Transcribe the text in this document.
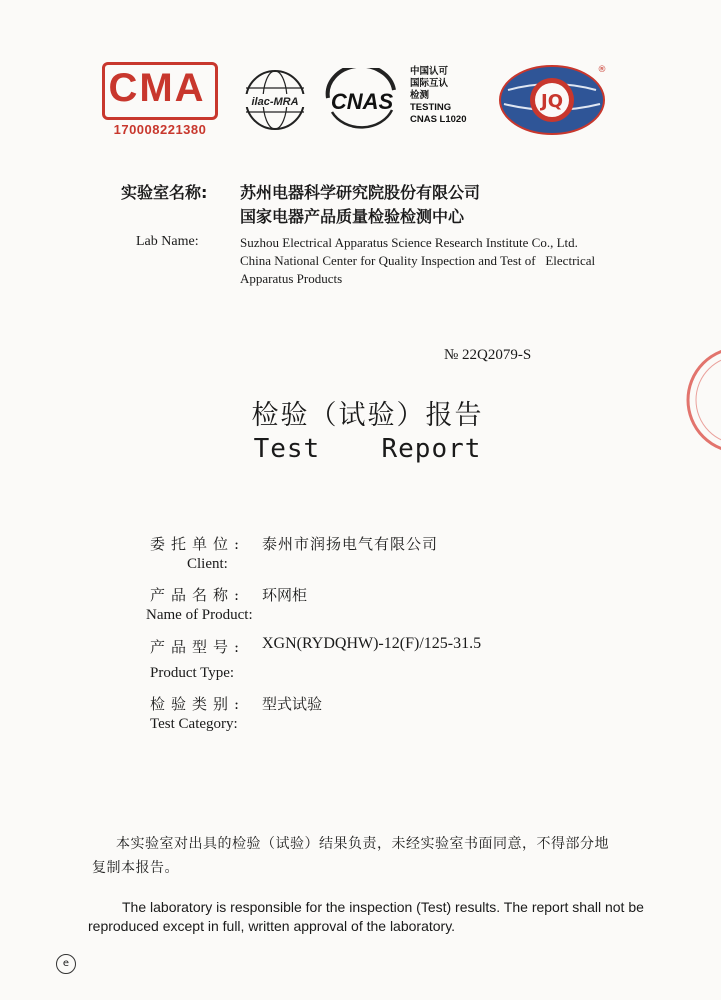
CMA
170008221380
ilac-MRA CNAS
中国认可
国际互认
检测
TESTING
CNAS L1020
JQ
®
实验室名称: 苏州电器科学研究院股份有限公司
国家电器产品质量检验检测中心
Lab Name:	Suzhou Electrical Apparatus Science Research Institute Co., Ltd.
China National Center for Quality Inspection and Test of   Electrical
Apparatus Products
№ 22Q2079-S
检验（试验）报告
Test  Report
委托单位: 泰州市润扬电气有限公司
Client:
产品名称: 环网柜
Name of Product:
产品型号: XGN(RYDQHW)-12(F)/125-31.5
Product Type:
检验类别: 型式试验
Test Category:
本实验室对出具的检验（试验）结果负责，未经实验室书面同意，不得部分地复制本报告。
The laboratory is responsible for the inspection (Test) results. The report shall not be reproduced except in full, written approval of the laboratory.
e
